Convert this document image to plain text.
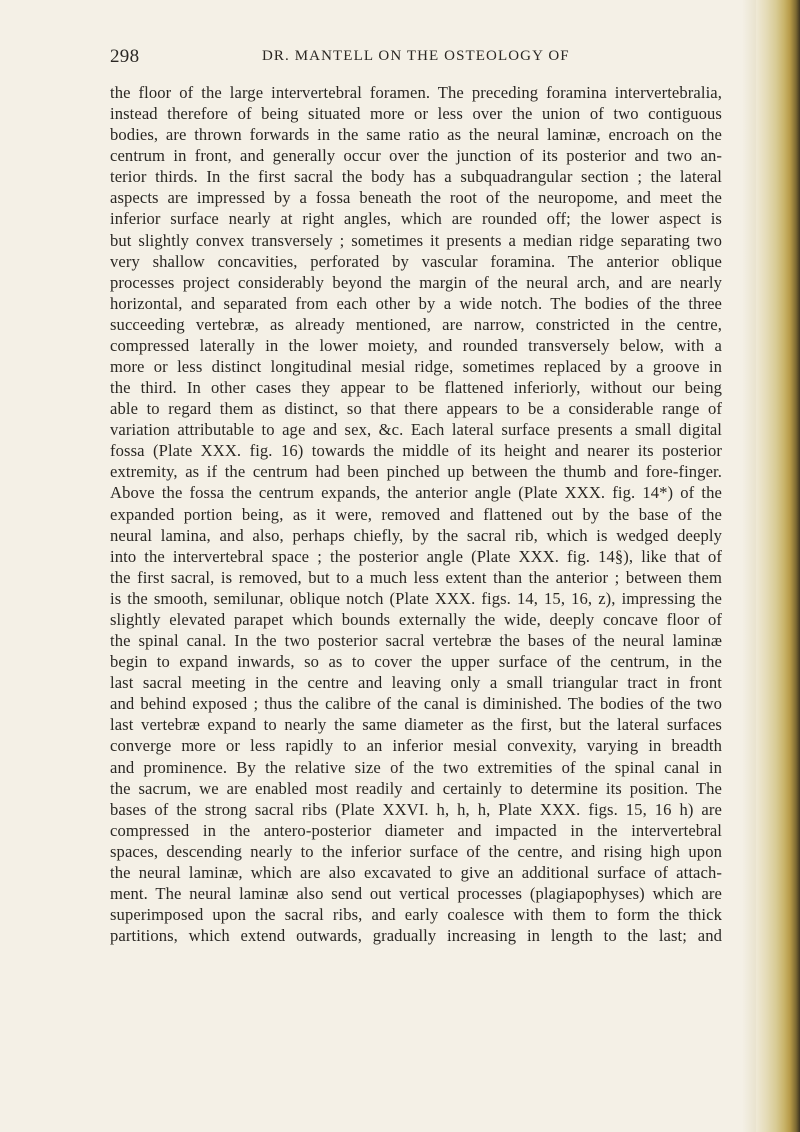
298	DR. MANTELL ON THE OSTEOLOGY OF
the floor of the large intervertebral foramen. The preceding foramina intervertebralia,
instead therefore of being situated more or less over the union of two contiguous
bodies, are thrown forwards in the same ratio as the neural laminæ, encroach on the
centrum in front, and generally occur over the junction of its posterior and two an-
terior thirds. In the first sacral the body has a subquadrangular section ; the lateral
aspects are impressed by a fossa beneath the root of the neuropome, and meet the
inferior surface nearly at right angles, which are rounded off; the lower aspect is
but slightly convex transversely ; sometimes it presents a median ridge separating two
very shallow concavities, perforated by vascular foramina. The anterior oblique
processes project considerably beyond the margin of the neural arch, and are nearly
horizontal, and separated from each other by a wide notch. The bodies of the three
succeeding vertebræ, as already mentioned, are narrow, constricted in the centre,
compressed laterally in the lower moiety, and rounded transversely below, with a
more or less distinct longitudinal mesial ridge, sometimes replaced by a groove in
the third. In other cases they appear to be flattened inferiorly, without our being
able to regard them as distinct, so that there appears to be a considerable range of
variation attributable to age and sex, &c. Each lateral surface presents a small digital
fossa (Plate XXX. fig. 16) towards the middle of its height and nearer its posterior
extremity, as if the centrum had been pinched up between the thumb and fore-finger.
Above the fossa the centrum expands, the anterior angle (Plate XXX. fig. 14*) of the
expanded portion being, as it were, removed and flattened out by the base of the
neural lamina, and also, perhaps chiefly, by the sacral rib, which is wedged deeply
into the intervertebral space ; the posterior angle (Plate XXX. fig. 14§), like that of
the first sacral, is removed, but to a much less extent than the anterior ; between them
is the smooth, semilunar, oblique notch (Plate XXX. figs. 14, 15, 16, z), impressing the
slightly elevated parapet which bounds externally the wide, deeply concave floor of
the spinal canal. In the two posterior sacral vertebræ the bases of the neural laminæ
begin to expand inwards, so as to cover the upper surface of the centrum, in the
last sacral meeting in the centre and leaving only a small triangular tract in front
and behind exposed ; thus the calibre of the canal is diminished. The bodies of the two
last vertebræ expand to nearly the same diameter as the first, but the lateral surfaces
converge more or less rapidly to an inferior mesial convexity, varying in breadth
and prominence. By the relative size of the two extremities of the spinal canal in
the sacrum, we are enabled most readily and certainly to determine its position. The
bases of the strong sacral ribs (Plate XXVI. h, h, h, Plate XXX. figs. 15, 16 h) are
compressed in the antero-posterior diameter and impacted in the intervertebral
spaces, descending nearly to the inferior surface of the centre, and rising high upon
the neural laminæ, which are also excavated to give an additional surface of attach-
ment. The neural laminæ also send out vertical processes (plagiapophyses) which are
superimposed upon the sacral ribs, and early coalesce with them to form the thick
partitions, which extend outwards, gradually increasing in length to the last; and
